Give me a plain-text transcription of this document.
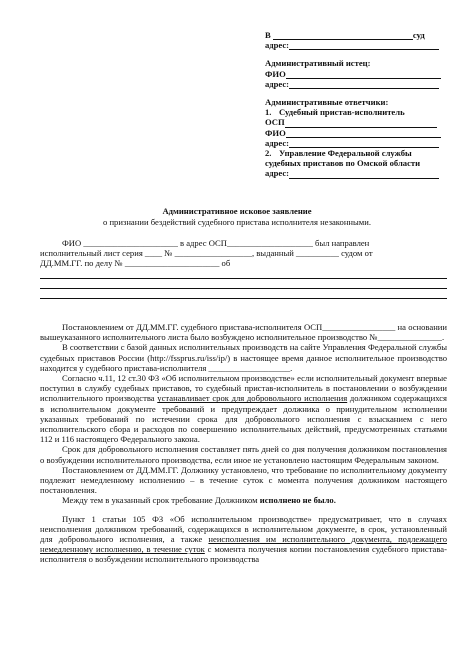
В	суд
адрес:
Административный истец:
ФИО
адрес:
Административные ответчики:
1. Судебный пристав-исполнитель
ОСП
ФИО
адрес:
2. Управление Федеральной службы
судебных приставов по Омской области
адрес:
Административное исковое заявление
о признании бездействий судебного пристава исполнителя незаконными.
ФИО ______________________ в адрес ОСП____________________ был направлен
исполнительный лист серия ____ № __________________, выданный __________ судом от
ДД.ММ.ГГ. по делу № ______________________ об
Постановлением от ДД.ММ.ГГ. судебного пристава-исполнителя ОСП_________________ на основании вышеуказанного исполнительного листа было возбуждено исполнительное производство №_______________.
В соответствии с базой данных исполнительных производств на сайте Управления Федеральной службы судебных приставов России (http://fssprus.ru/iss/ip/) в настоящее время данное исполнительное производство находится у судебного пристава-исполнителя ___________________.
Согласно ч.11, 12 ст.30 ФЗ «Об исполнительном производстве» если исполнительный документ впервые поступил в службу судебных приставов, то судебный пристав-исполнитель в постановлении о возбуждении исполнительного производства устанавливает срок для добровольного исполнения должником содержащихся в исполнительном документе требований и предупреждает должника о принудительном исполнении указанных требований по истечении срока для добровольного исполнения с взысканием с него исполнительского сбора и расходов по совершению исполнительных действий, предусмотренных статьями 112 и 116 настоящего Федерального закона.
Срок для добровольного исполнения составляет пять дней со дня получения должником постановления о возбуждении исполнительного производства, если иное не установлено настоящим Федеральным законом.
Постановлением от ДД.ММ.ГГ. Должнику установлено, что требование по исполнительному документу подлежит немедленному исполнению – в течение суток с момента получения должником настоящего постановления.
Между тем в указанный срок требование Должником исполнено не было.
Пункт 1 статьи 105 ФЗ «Об исполнительном производстве» предусматривает, что в случаях неисполнения должником требований, содержащихся в исполнительном документе, в срок, установленный для добровольного исполнения, а также неисполнения им исполнительного документа, подлежащего немедленному исполнению, в течение суток с момента получения копии постановления судебного пристава-исполнителя о возбуждении исполнительного производства
